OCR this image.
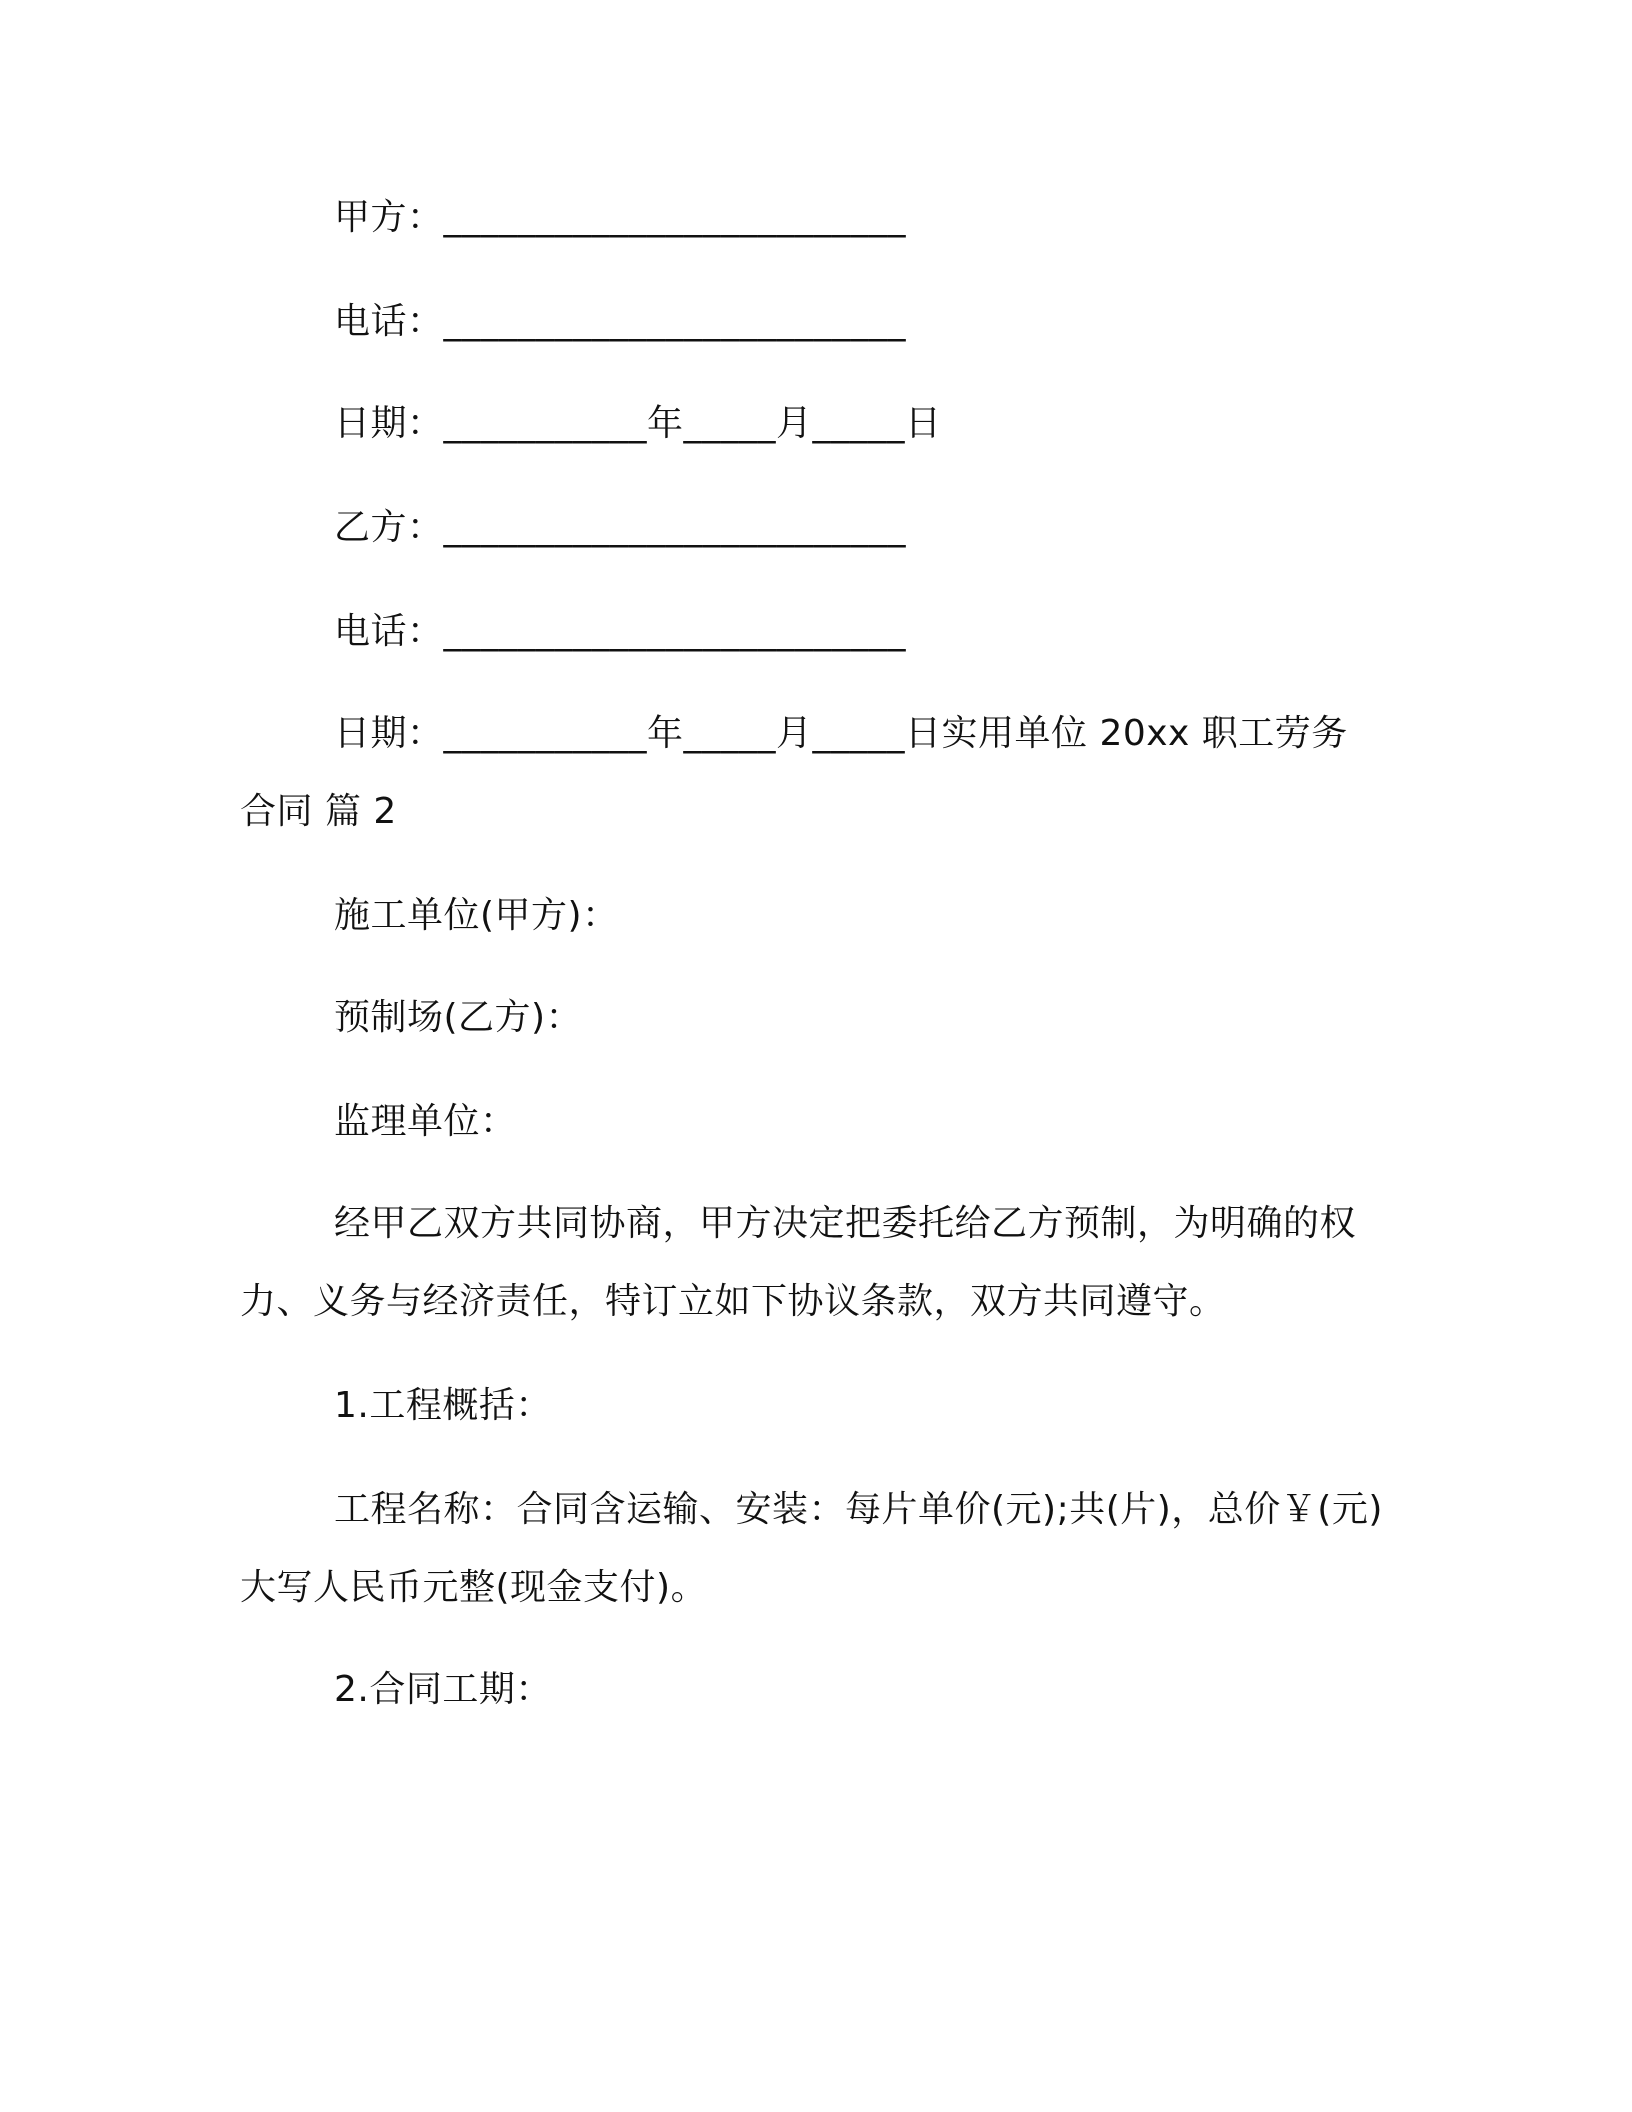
甲方：_________________________
电话：_________________________
日期：___________年_____月_____日
乙方：_________________________
电话：_________________________
日期：___________年_____月_____日实用单位 20xx 职工劳务
合同 篇 2
施工单位(甲方)：
预制场(乙方)：
监理单位：
经甲乙双方共同协商，甲方决定把委托给乙方预制，为明确的权
力、义务与经济责任，特订立如下协议条款，双方共同遵守。
1.工程概括：
工程名称：合同含运输、安装：每片单价(元);共(片)，总价￥(元)
大写人民币元整(现金支付)。
2.合同工期：
